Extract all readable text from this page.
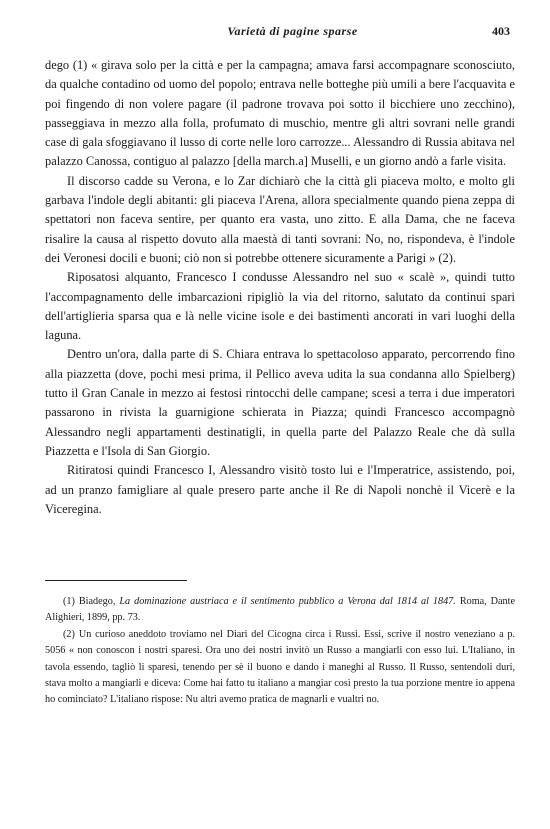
Varietà di pagine sparse	403

dego (1) « girava solo per la città e per la campagna; amava farsi accompagnare sconosciuto, da qualche contadino od uomo del popolo; entrava nelle botteghe più umili a bere l'acquavita e poi fingendo di non volere pagare (il padrone trovava poi sotto il bicchiere uno zecchino), passeggiava in mezzo alla folla, profumato di muschio, mentre gli altri sovrani nelle grandi case di gala sfoggiavano il lusso di corte nelle loro carrozze... Alessandro di Russia abitava nel palazzo Canossa, contiguo al palazzo [della march.a] Muselli, e un giorno andò a farle visita.

Il discorso cadde su Verona, e lo Zar dichiarò che la città gli piaceva molto, e molto gli garbava l'indole degli abitanti: gli piaceva l'Arena, allora specialmente quando piena zeppa di spettatori non faceva sentire, per quanto era vasta, uno zitto. E alla Dama, che ne faceva risalire la causa al rispetto dovuto alla maestà di tanti sovrani: No, no, rispondeva, è l'indole dei Veronesi docili e buoni; ciò non si potrebbe ottenere sicuramente a Parigi » (2).

Riposatosi alquanto, Francesco I condusse Alessandro nel suo « scalè », quindi tutto l'accompagnamento delle imbarcazioni ripigliò la via del ritorno, salutato da continui spari dell'artiglieria sparsa qua e là nelle vicine isole e dei bastimenti ancorati in vari luoghi della laguna.

Dentro un'ora, dalla parte di S. Chiara entrava lo spettacoloso apparato, percorrendo fino alla piazzetta (dove, pochi mesi prima, il Pellico aveva udita la sua condanna allo Spielberg) tutto il Gran Canale in mezzo ai festosi rintocchi delle campane; scesi a terra i due imperatori passarono in rivista la guarnigione schierata in Piazza; quindi Francesco accompagnò Alessandro negli appartamenti destinatigli, in quella parte del Palazzo Reale che dà sulla Piazzetta e l'Isola di San Giorgio.

Ritiratosi quindi Francesco I, Alessandro visitò tosto lui e l'Imperatrice, assistendo, poi, ad un pranzo famigliare al quale presero parte anche il Re di Napoli nonchè il Vicerè e la Viceregina.

(1) Biadego, La dominazione austriaca e il sentimento pubblico a Verona dal 1814 al 1847. Roma, Dante Alighieri, 1899, pp. 73.

(2) Un curioso aneddoto troviamo nel Diari del Cicogna circa i Russi. Essi, scrive il nostro veneziano a p. 5056 « non conoscon i nostri sparesi. Ora uno dei nostri invitò un Russo a mangiarli con esso lui. L'Italiano, in tavola essendo, tagliò li sparesi, tenendo per sè il buono e dando i maneghi al Russo. Il Russo, sentendoli duri, stava molto a mangiarli e diceva: Come hai fatto tu italiano a mangiar così presto la tua porzione mentre io appena ho cominciato? L'italiano rispose: Nu altri avemo pratica de magnarli e vualtri no.
